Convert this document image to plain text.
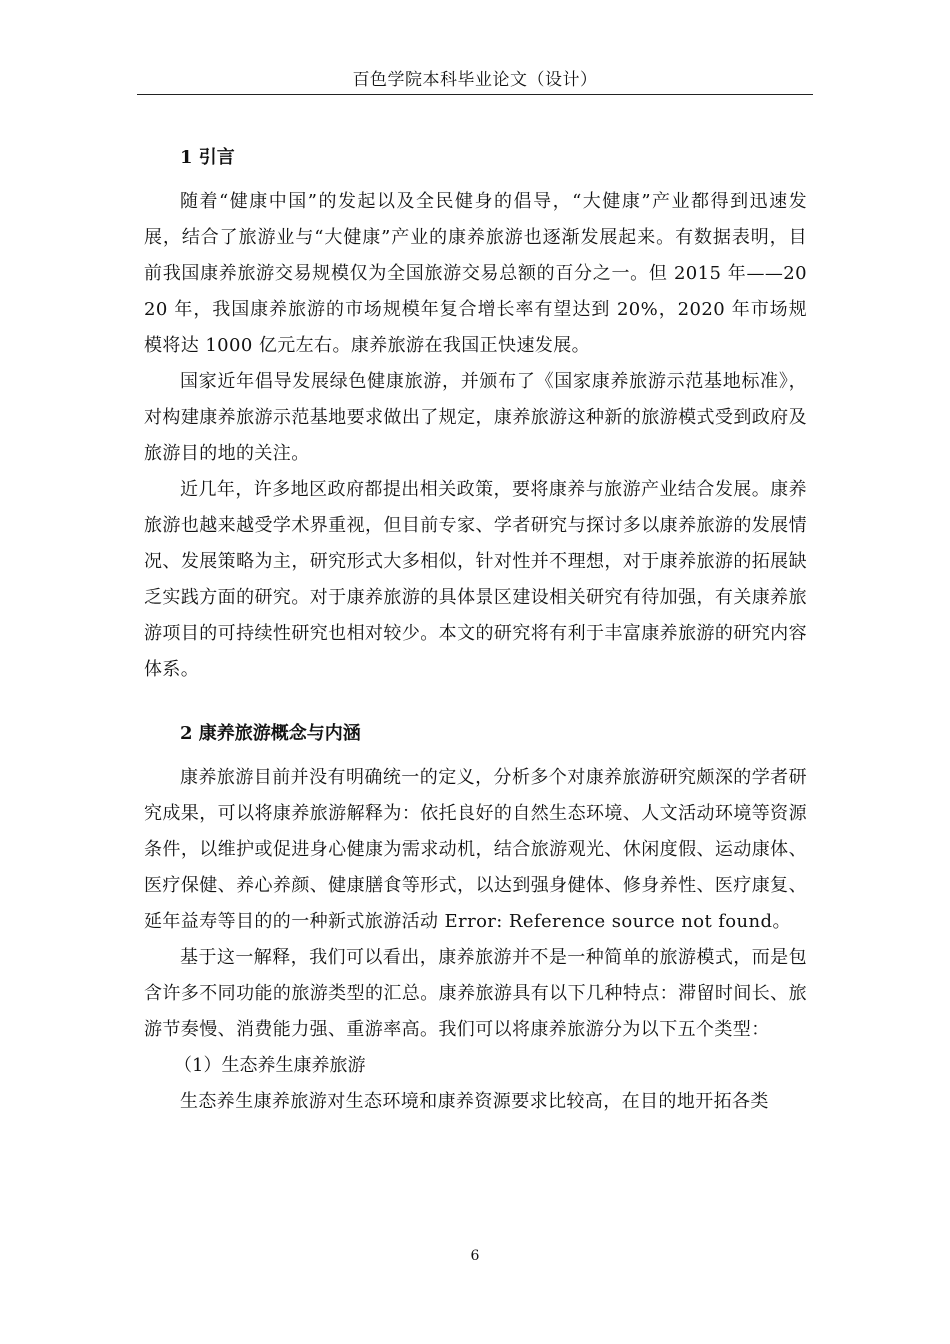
百色学院本科毕业论文（设计）
1 引言

随着“健康中国”的发起以及全民健身的倡导，“大健康”产业都得到迅速发展，结合了旅游业与“大健康”产业的康养旅游也逐渐发展起来。有数据表明，目前我国康养旅游交易规模仅为全国旅游交易总额的百分之一。但 2015 年——2020 年，我国康养旅游的市场规模年复合增长率有望达到 20%，2020 年市场规模将达 1000 亿元左右。康养旅游在我国正快速发展。

国家近年倡导发展绿色健康旅游，并颁布了《国家康养旅游示范基地标准》，对构建康养旅游示范基地要求做出了规定，康养旅游这种新的旅游模式受到政府及旅游目的地的关注。

近几年，许多地区政府都提出相关政策，要将康养与旅游产业结合发展。康养旅游也越来越受学术界重视，但目前专家、学者研究与探讨多以康养旅游的发展情况、发展策略为主，研究形式大多相似，针对性并不理想，对于康养旅游的拓展缺乏实践方面的研究。对于康养旅游的具体景区建设相关研究有待加强，有关康养旅游项目的可持续性研究也相对较少。本文的研究将有利于丰富康养旅游的研究内容体系。

2 康养旅游概念与内涵

康养旅游目前并没有明确统一的定义，分析多个对康养旅游研究颇深的学者研究成果，可以将康养旅游解释为：依托良好的自然生态环境、人文活动环境等资源条件，以维护或促进身心健康为需求动机，结合旅游观光、休闲度假、运动康体、医疗保健、养心养颜、健康膳食等形式，以达到强身健体、修身养性、医疗康复、延年益寿等目的的一种新式旅游活动 Error: Reference source not found。

基于这一解释，我们可以看出，康养旅游并不是一种简单的旅游模式，而是包含许多不同功能的旅游类型的汇总。康养旅游具有以下几种特点：滞留时间长、旅游节奏慢、消费能力强、重游率高。我们可以将康养旅游分为以下五个类型：

（1）生态养生康养旅游

生态养生康养旅游对生态环境和康养资源要求比较高，在目的地开拓各类

6
